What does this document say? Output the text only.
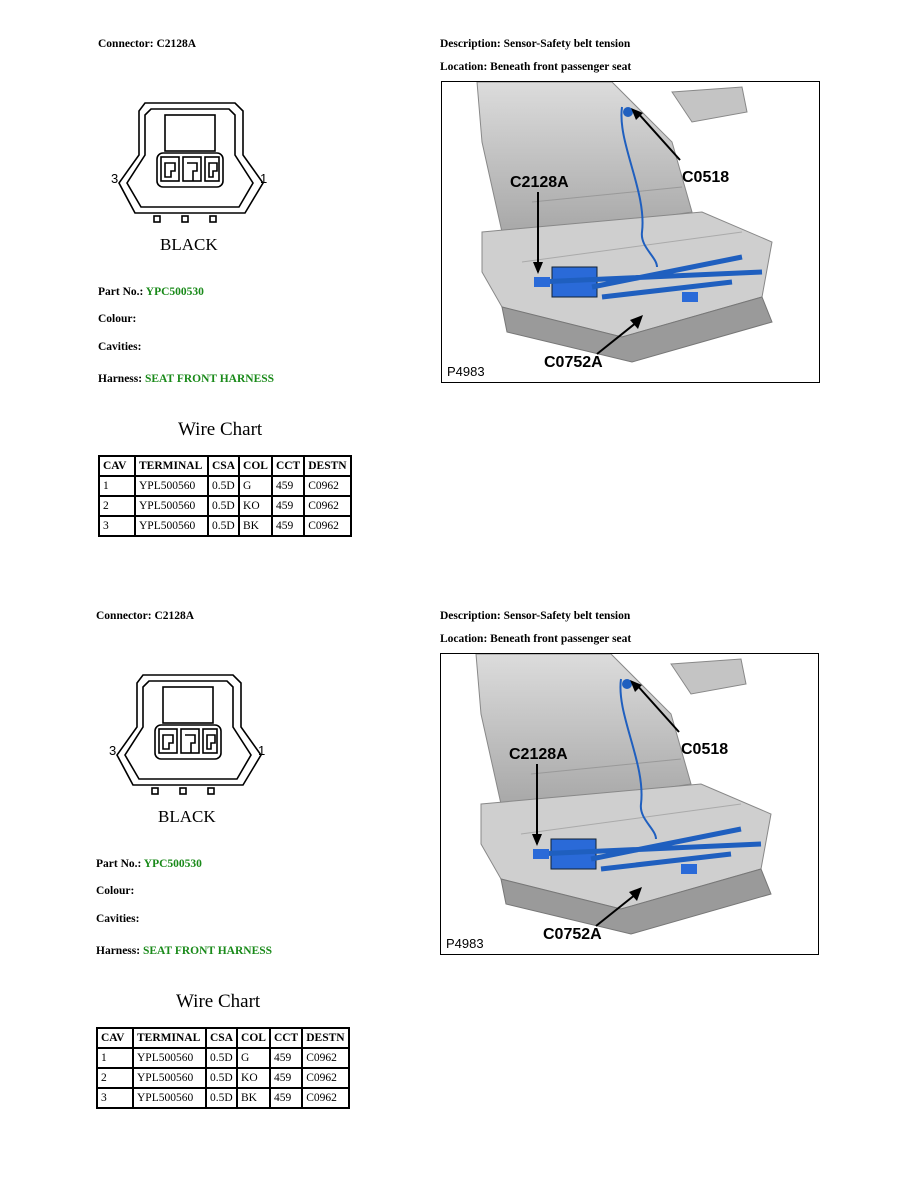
Connector: C2128A
3	1
BLACK
Part No.: YPC500530
Colour:
Cavities:
Harness: SEAT FRONT HARNESS
Wire Chart
CAV	TERMINAL	CSA	COL	CCT	DESTN
1	YPL500560	0.5D	G	459	C0962
2	YPL500560	0.5D	KO	459	C0962
3	YPL500560	0.5D	BK	459	C0962
Description: Sensor-Safety belt tension
Location: Beneath front passenger seat
C0518
C2128A
C0752A
P4983
Connector: C2128A
3	1
BLACK
Part No.: YPC500530
Colour:
Cavities:
Harness: SEAT FRONT HARNESS
Wire Chart
CAV	TERMINAL	CSA	COL	CCT	DESTN
1	YPL500560	0.5D	G	459	C0962
2	YPL500560	0.5D	KO	459	C0962
3	YPL500560	0.5D	BK	459	C0962
Description: Sensor-Safety belt tension
Location: Beneath front passenger seat
C0518
C2128A
C0752A
P4983
